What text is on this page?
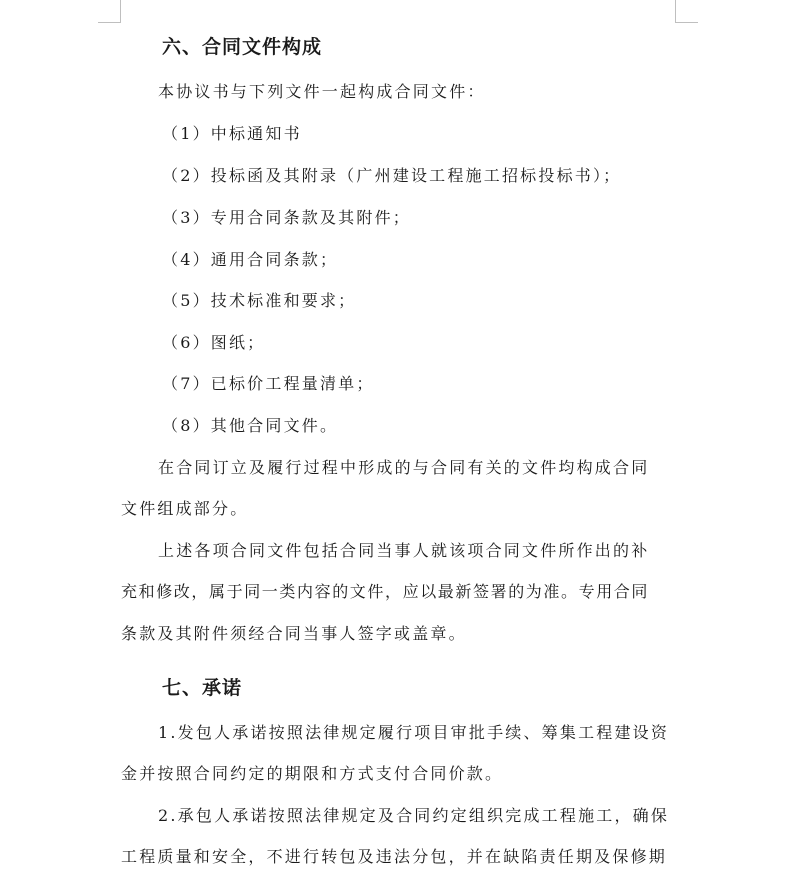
六、合同文件构成
本协议书与下列文件一起构成合同文件：
（1）中标通知书
（2）投标函及其附录（广州建设工程施工招标投标书）；
（3）专用合同条款及其附件；
（4）通用合同条款；
（5）技术标准和要求；
（6）图纸；
（7）已标价工程量清单；
（8）其他合同文件。
在合同订立及履行过程中形成的与合同有关的文件均构成合同
文件组成部分。
上述各项合同文件包括合同当事人就该项合同文件所作出的补
充和修改，属于同一类内容的文件，应以最新签署的为准。专用合同
条款及其附件须经合同当事人签字或盖章。
七、承诺
1.发包人承诺按照法律规定履行项目审批手续、筹集工程建设资
金并按照合同约定的期限和方式支付合同价款。
2.承包人承诺按照法律规定及合同约定组织完成工程施工，确保
工程质量和安全，不进行转包及违法分包，并在缺陷责任期及保修期
